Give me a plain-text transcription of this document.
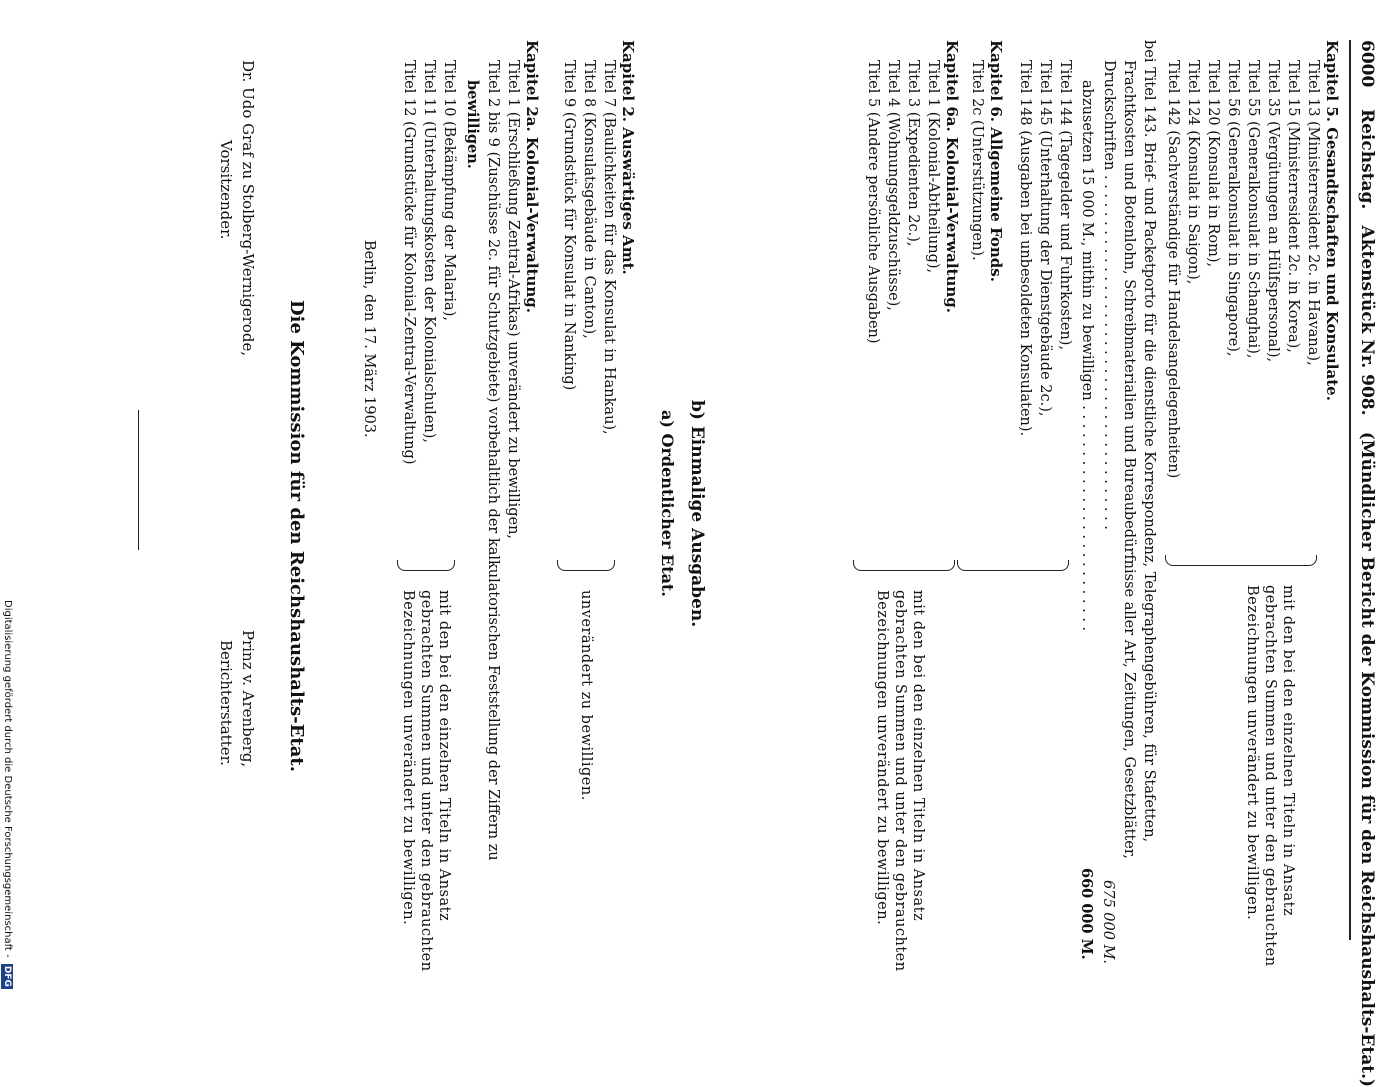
6000    Reichstag.   Aktenstück Nr. 908.   (Mündlicher Bericht der Kommission für den Reichshaushalts-Etat.)
Kapitel 5. Gesandtschaften und Konsulate.
Titel 13 (Ministerresident 2c. in Havana),
Titel 15 (Ministerresident 2c. in Korea),
Titel 35 (Vergütungen an Hülfspersonal),
Titel 55 (Generalkonsulat in Schanghai),
Titel 56 (Generalkonsulat in Singapore),
Titel 120 (Konsulat in Rom),
Titel 124 (Konsulat in Saigon),
Titel 142 (Sachverständige für Handelsangelegenheiten)
mit den bei den einzelnen Titeln in Ansatz
gebrachten Summen und unter den gebrauchten
Bezeichnungen unverändert zu bewilligen.
bei Titel 143. Brief- und Packetporto für die dienstliche Korrespondenz, Telegraphengebühren, für Stafetten,
Frachtkosten und Botenlohn, Schreibmaterialien und Bureaubedürfnisse aller Art, Zeitungen, Gesetzblätter,
Druckschriften . . . . . . . . . . . . . . . . . . . . . . . . . . . . . . . . . . . . . . .
675 000 M.
abzusetzen 15 000 M., mithin zu bewilligen . . . . . . . . . . . . . . . . . . . . . . . . .
660 000 M.
Titel 144 (Tagegelder und Fuhrkosten),
Titel 145 (Unterhaltung der Dienstgebäude 2c.),
Titel 148 (Ausgaben bei unbesoldeten Konsulaten).
Kapitel 6. Allgemeine Fonds.
Titel 2c (Unterstützungen).
Kapitel 6a. Kolonial-Verwaltung.
Titel 1 (Kolonial-Abtheilung),
Titel 3 (Expedienten 2c.),
Titel 4 (Wohnungsgeldzuschüsse),
Titel 5 (Andere persönliche Ausgaben)
mit den bei den einzelnen Titeln in Ansatz
gebrachten Summen und unter den gebrauchten
Bezeichnungen unverändert zu bewilligen.
b) Einmalige Ausgaben.
a) Ordentlicher Etat.
Kapitel 2. Auswärtiges Amt.
Titel 7 (Baulichkeiten für das Konsulat in Hankau),
Titel 8 (Konsulatsgebäude in Canton),
Titel 9 (Grundstück für Konsulat in Nanking)
unverändert zu bewilligen.
Kapitel 2a. Kolonial-Verwaltung.
Titel 1 (Erschließung Zentral-Afrikas) unverändert zu bewilligen,
Titel 2 bis 9 (Zuschüsse 2c. für Schutzgebiete) vorbehaltlich der kalkulatorischen Feststellung der Ziffern zu
bewilligen.
Titel 10 (Bekämpfung der Malaria),
Titel 11 (Unterhaltungskosten der Kolonialschulen),
Titel 12 (Grundstücke für Kolonial-Zentral-Verwaltung)
mit den bei den einzelnen Titeln in Ansatz
gebrachten Summen und unter den gebrauchten
Bezeichnungen unverändert zu bewilligen.
Berlin, den 17. März 1903.
Die Kommission für den Reichshaushalts-Etat.
Dr. Udo Graf zu Stolberg-Wernigerode,
Vorsitzender.
Prinz v. Arenberg,
Berichterstatter.
Digitalisierung gefördert durch die Deutsche Forschungsgemeinschaft - DFG
